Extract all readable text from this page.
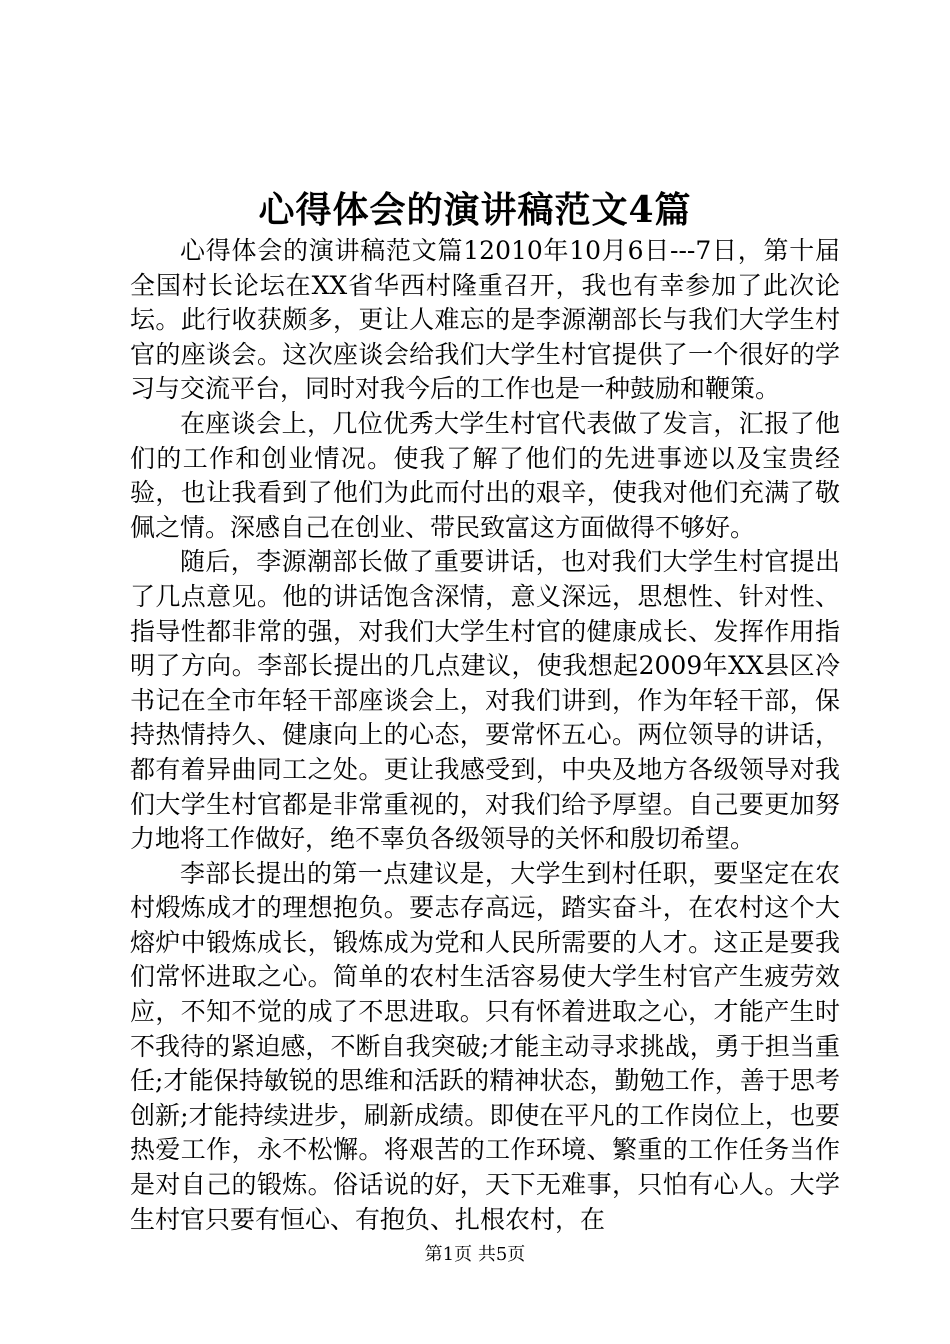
心得体会的演讲稿范文4篇

心得体会的演讲稿范文篇12010年10月6日---7日，第十届全国村长论坛在XX省华西村隆重召开，我也有幸参加了此次论坛。此行收获颇多，更让人难忘的是李源潮部长与我们大学生村官的座谈会。这次座谈会给我们大学生村官提供了一个很好的学习与交流平台，同时对我今后的工作也是一种鼓励和鞭策。

在座谈会上，几位优秀大学生村官代表做了发言，汇报了他们的工作和创业情况。使我了解了他们的先进事迹以及宝贵经验，也让我看到了他们为此而付出的艰辛，使我对他们充满了敬佩之情。深感自己在创业、带民致富这方面做得不够好。

随后，李源潮部长做了重要讲话，也对我们大学生村官提出了几点意见。他的讲话饱含深情，意义深远，思想性、针对性、指导性都非常的强，对我们大学生村官的健康成长、发挥作用指明了方向。李部长提出的几点建议，使我想起2009年XX县区冷书记在全市年轻干部座谈会上，对我们讲到，作为年轻干部，保持热情持久、健康向上的心态，要常怀五心。两位领导的讲话，都有着异曲同工之处。更让我感受到，中央及地方各级领导对我们大学生村官都是非常重视的，对我们给予厚望。自己要更加努力地将工作做好，绝不辜负各级领导的关怀和殷切希望。

李部长提出的第一点建议是，大学生到村任职，要坚定在农村煅炼成才的理想抱负。要志存高远，踏实奋斗，在农村这个大熔炉中锻炼成长，锻炼成为党和人民所需要的人才。这正是要我们常怀进取之心。简单的农村生活容易使大学生村官产生疲劳效应，不知不觉的成了不思进取。只有怀着进取之心，才能产生时不我待的紧迫感，不断自我突破;才能主动寻求挑战，勇于担当重任;才能保持敏锐的思维和活跃的精神状态，勤勉工作，善于思考创新;才能持续进步，刷新成绩。即使在平凡的工作岗位上，也要热爱工作，永不松懈。将艰苦的工作环境、繁重的工作任务当作是对自己的锻炼。俗话说的好，天下无难事，只怕有心人。大学生村官只要有恒心、有抱负、扎根农村，在

第1页 共5页
